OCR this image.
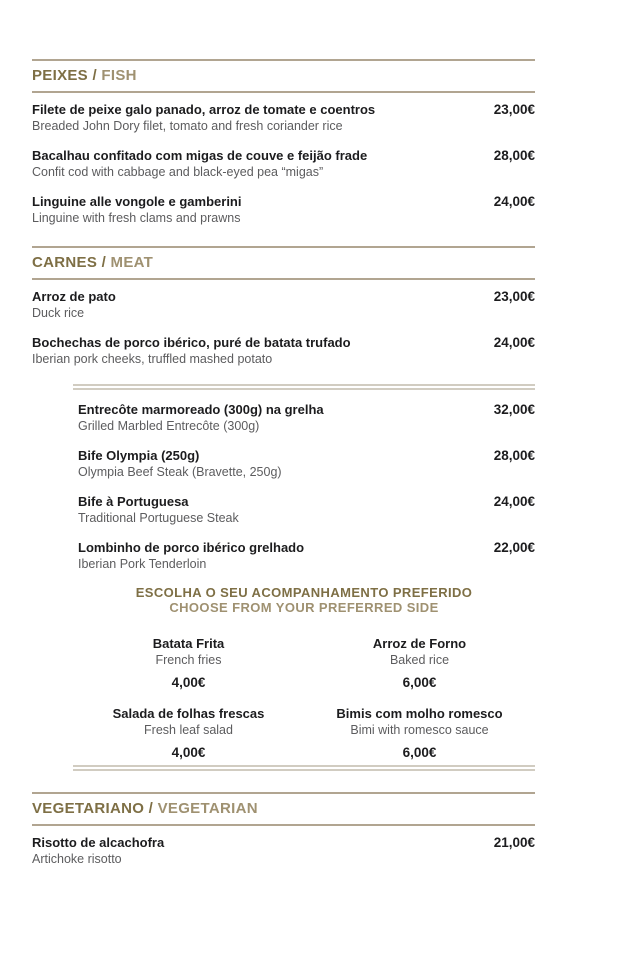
PEIXES / FISH
Filete de peixe galo panado, arroz de tomate e coentros	23,00€
Breaded John Dory filet, tomato and fresh coriander rice
Bacalhau confitado com migas de couve e feijão frade	28,00€
Confit cod with cabbage and black-eyed pea “migas”
Linguine alle vongole e gamberini	24,00€
Linguine with fresh clams and prawns
CARNES / MEAT
Arroz de pato	23,00€
Duck rice
Bochechas de porco ibérico, puré de batata trufado	24,00€
Iberian pork cheeks, truffled mashed potato
Entrecôte marmoreado (300g) na grelha	32,00€
Grilled Marbled Entrecôte (300g)
Bife Olympia (250g)	28,00€
Olympia Beef Steak (Bravette, 250g)
Bife à Portuguesa	24,00€
Traditional Portuguese Steak
Lombinho de porco ibérico grelhado	22,00€
Iberian Pork Tenderloin
ESCOLHA O SEU ACOMPANHAMENTO PREFERIDO
CHOOSE FROM YOUR PREFERRED SIDE
Batata Frita
French fries
4,00€
Arroz de Forno
Baked rice
6,00€
Salada de folhas frescas
Fresh leaf salad
4,00€
Bimis com molho romesco
Bimi with romesco sauce
6,00€
VEGETARIANO / VEGETARIAN
Risotto de alcachofra	21,00€
Artichoke risotto
